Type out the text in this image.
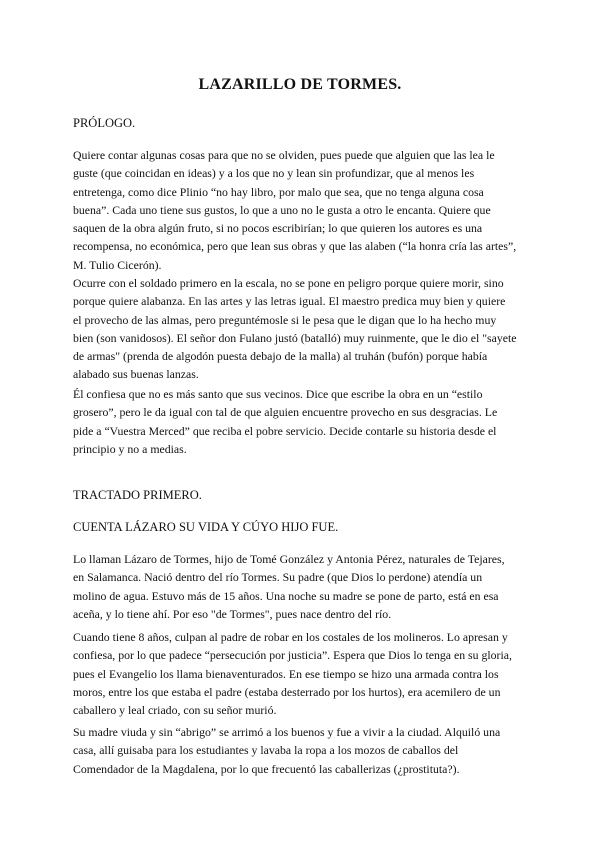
LAZARILLO DE TORMES.

PRÓLOGO.

Quiere contar algunas cosas para que no se olviden, pues puede que alguien que las lea le
guste (que coincidan en ideas) y a los que no y lean sin profundizar, que al menos les
entretenga, como dice Plinio “no hay libro, por malo que sea, que no tenga alguna cosa
buena”. Cada uno tiene sus gustos, lo que a uno no le gusta a otro le encanta. Quiere que
saquen de la obra algún fruto, si no pocos escribirían; lo que quieren los autores es una
recompensa, no económica, pero que lean sus obras y que las alaben (“la honra cría las artes”,
M. Tulio Cicerón).

Ocurre con el soldado primero en la escala, no se pone en peligro porque quiere morir, sino
porque quiere alabanza. En las artes y las letras igual. El maestro predica muy bien y quiere
el provecho de las almas, pero preguntémosle si le pesa que le digan que lo ha hecho muy
bien (son vanidosos). El señor don Fulano justó (batalló) muy ruinmente, que le dio el "sayete
de armas" (prenda de algodón puesta debajo de la malla) al truhán (bufón) porque había
alabado sus buenas lanzas.

Él confiesa que no es más santo que sus vecinos. Dice que escribe la obra en un “estilo
grosero”, pero le da igual con tal de que alguien encuentre provecho en sus desgracias. Le
pide a “Vuestra Merced” que reciba el pobre servicio. Decide contarle su historia desde el
principio y no a medias.

TRACTADO PRIMERO.

CUENTA LÁZARO SU VIDA Y CÚYO HIJO FUE.

Lo llaman Lázaro de Tormes, hijo de Tomé González y Antonia Pérez, naturales de Tejares,
en Salamanca. Nació dentro del río Tormes. Su padre (que Dios lo perdone) atendía un
molino de agua. Estuvo más de 15 años. Una noche su madre se pone de parto, está en esa
aceña, y lo tiene ahí. Por eso "de Tormes", pues nace dentro del río.

Cuando tiene 8 años, culpan al padre de robar en los costales de los molineros. Lo apresan y
confiesa, por lo que padece “persecución por justicia”. Espera que Dios lo tenga en su gloria,
pues el Evangelio los llama bienaventurados. En ese tiempo se hizo una armada contra los
moros, entre los que estaba el padre (estaba desterrado por los hurtos), era acemilero de un
caballero y leal criado, con su señor murió.

Su madre viuda y sin “abrigo” se arrimó a los buenos y fue a vivir a la ciudad. Alquiló una
casa, allí guisaba para los estudiantes y lavaba la ropa a los mozos de caballos del
Comendador de la Magdalena, por lo que frecuentó las caballerizas (¿prostituta?).
